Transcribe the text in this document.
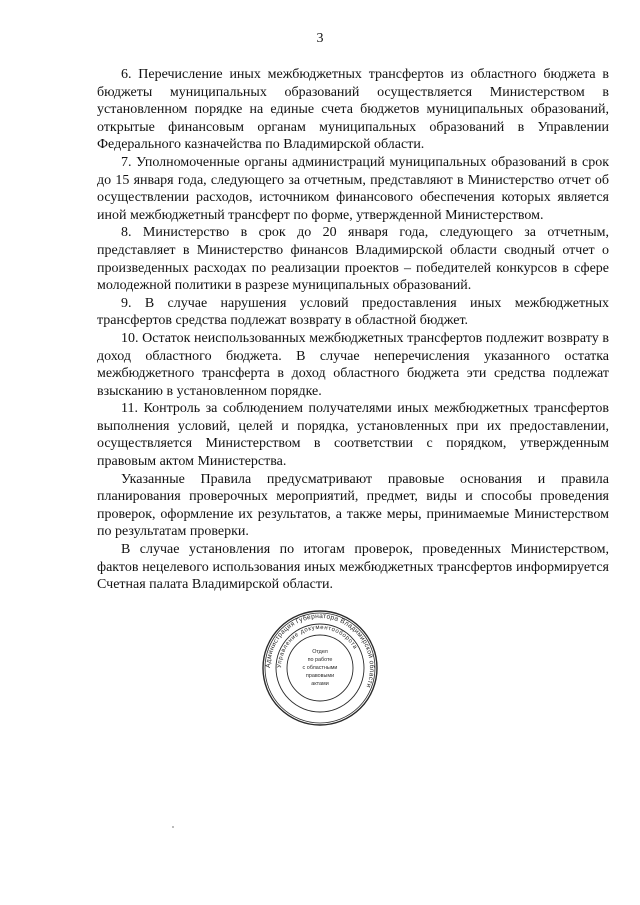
3

6. Перечисление иных межбюджетных трансфертов из областного бюджета в бюджеты муниципальных образований осуществляется Министерством в установленном порядке на единые счета бюджетов муниципальных образований, открытые финансовым органам муниципальных образований в Управлении Федерального казначейства по Владимирской области.

7. Уполномоченные органы администраций муниципальных образований в срок до 15 января года, следующего за отчетным, представляют в Министерство отчет об осуществлении расходов, источником финансового обеспечения которых является иной межбюджетный трансферт по форме, утвержденной Министерством.

8. Министерство в срок до 20 января года, следующего за отчетным, представляет в Министерство финансов Владимирской области сводный отчет о произведенных расходах по реализации проектов – победителей конкурсов в сфере молодежной политики в разрезе муниципальных образований.

9. В случае нарушения условий предоставления иных межбюджетных трансфертов средства подлежат возврату в областной бюджет.

10. Остаток неиспользованных межбюджетных трансфертов подлежит возврату в доход областного бюджета. В случае неперечисления указанного остатка межбюджетного трансферта в доход областного бюджета эти средства подлежат взысканию в установленном порядке.

11. Контроль за соблюдением получателями иных межбюджетных трансфертов выполнения условий, целей и порядка, установленных при их предоставлении, осуществляется Министерством в соответствии с порядком, утвержденным правовым актом Министерства.

Указанные Правила предусматривают правовые основания и правила планирования проверочных мероприятий, предмет, виды и способы проведения проверок, оформление их результатов, а также меры, принимаемые Министерством по результатам проверки.

В случае установления по итогам проверок, проведенных Министерством, фактов нецелевого использования иных межбюджетных трансфертов информируется Счетная палата Владимирской области.

Администрация Губернатора Владимирской области
Управление документооборота
Отдел
по работе
с областными
правовыми
актами
